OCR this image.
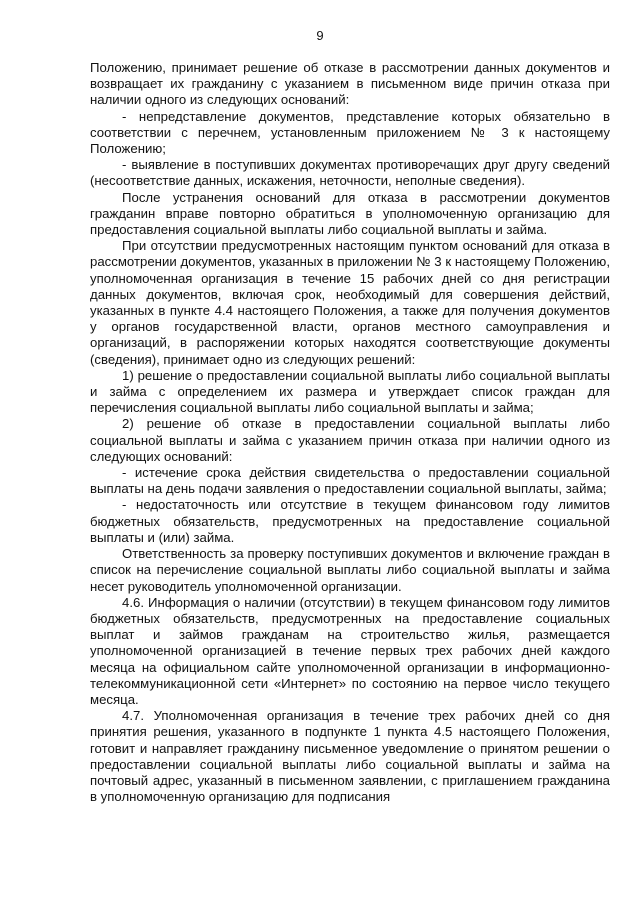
9

Положению, принимает решение об отказе в рассмотрении данных документов и возвращает их гражданину с указанием в письменном виде причин отказа при наличии одного из следующих оснований:

- непредставление документов, представление которых обязательно в соответствии с перечнем, установленным приложением № 3 к настоящему Положению;

- выявление в поступивших документах противоречащих друг другу сведений (несоответствие данных, искажения, неточности, неполные сведения).

После устранения оснований для отказа в рассмотрении документов гражданин вправе повторно обратиться в уполномоченную организацию для предоставления социальной выплаты либо социальной выплаты и займа.

При отсутствии предусмотренных настоящим пунктом оснований для отказа в рассмотрении документов, указанных в приложении № 3 к настоящему Положению, уполномоченная организация в течение 15 рабочих дней со дня регистрации данных документов, включая срок, необходимый для совершения действий, указанных в пункте 4.4 настоящего Положения, а также для получения документов у органов государственной власти, органов местного самоуправления и организаций, в распоряжении которых находятся соответствующие документы (сведения), принимает одно из следующих решений:

1) решение о предоставлении социальной выплаты либо социальной выплаты и займа с определением их размера и утверждает список граждан для перечисления социальной выплаты либо социальной выплаты и займа;

2) решение об отказе в предоставлении социальной выплаты либо социальной выплаты и займа с указанием причин отказа при наличии одного из следующих оснований:

- истечение срока действия свидетельства о предоставлении социальной выплаты на день подачи заявления о предоставлении социальной выплаты, займа;

- недостаточность или отсутствие в текущем финансовом году лимитов бюджетных обязательств, предусмотренных на предоставление социальной выплаты и (или) займа.

Ответственность за проверку поступивших документов и включение граждан в список на перечисление социальной выплаты либо социальной выплаты и займа несет руководитель уполномоченной организации.

4.6. Информация о наличии (отсутствии) в текущем финансовом году лимитов бюджетных обязательств, предусмотренных на предоставление социальных выплат и займов гражданам на строительство жилья, размещается уполномоченной организацией в течение первых трех рабочих дней каждого месяца на официальном сайте уполномоченной организации в информационно-телекоммуникационной сети «Интернет» по состоянию на первое число текущего месяца.

4.7. Уполномоченная организация в течение трех рабочих дней со дня принятия решения, указанного в подпункте 1 пункта 4.5 настоящего Положения, готовит и направляет гражданину письменное уведомление о принятом решении о предоставлении социальной выплаты либо социальной выплаты и займа на почтовый адрес, указанный в письменном заявлении, с приглашением гражданина в уполномоченную организацию для подписания
